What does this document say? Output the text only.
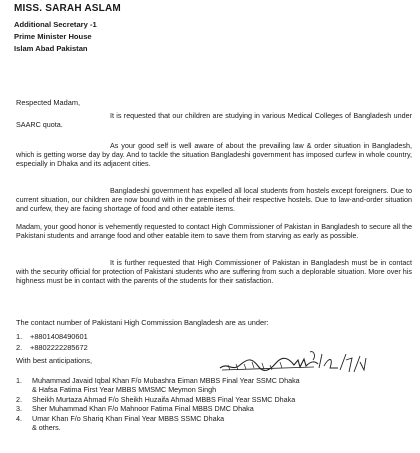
MISS. SARAH ASLAM
Additional Secretary -1
Prime Minister House
Islam Abad Pakistan
Respected Madam,

It is requested that our children are studying in various Medical Colleges of Bangladesh under SAARC quota.

As your good self is well aware of about the prevailing law & order situation in Bangladesh, which is getting worse day by day. And to tackle the situation Bangladeshi government has imposed curfew in whole country, especially in Dhaka and its adjacent cities.

Bangladeshi government has expelled all local students from hostels except foreigners. Due to current situation, our children are now bound with in the premises of their respective hostels. Due to law-and-order situation and curfew, they are facing shortage of food and other eatable items.

Madam, your good honor is vehemently requested to contact High Commissioner of Pakistan in Bangladesh to secure all the Pakistani students and arrange food and other eatable item to save them from starving as early as possible.

It is further requested that High Commissioner of Pakistan in Bangladesh must be in contact with the security official for protection of Pakistani students who are suffering from such a deplorable situation. More over his highness must be in contact with the parents of the students for their satisfaction.

The contact number of Pakistani High Commission Bangladesh are as under:
1. +8801408490601
2. +8802222285672
With best anticipations,
1.	Muhammad Javaid Iqbal Khan F/o Mubashra Eiman MBBS Final Year SSMC Dhaka
& Hafsa Fatima First Year MBBS MMSMC Meymon Singh
2.	Sheikh Murtaza Ahmad F/o Sheikh Huzaifa Ahmad MBBS Final Year SSMC Dhaka
3.	Sher Muhammad Khan F/o Mahnoor Fatima Final MBBS DMC Dhaka
4.	Umar Khan F/o Shariq Khan Final Year MBBS SSMC Dhaka
& others.
